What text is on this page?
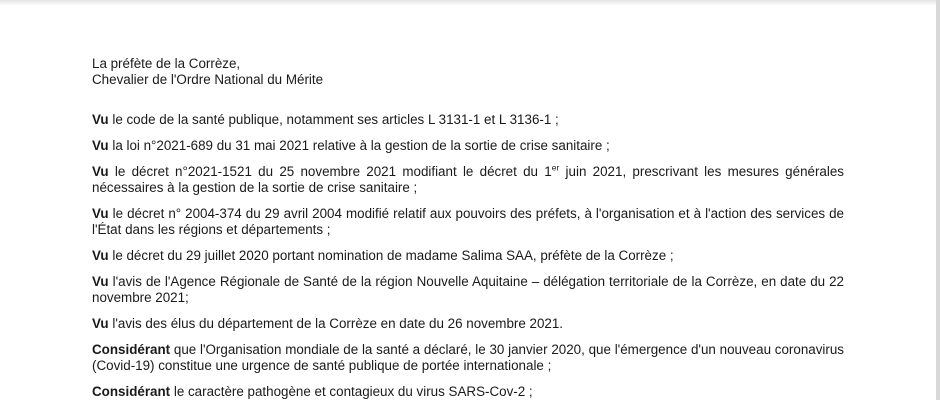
La préfète de la Corrèze,
Chevalier de l'Ordre National du Mérite

Vu le code de la santé publique, notamment ses articles L 3131-1 et L 3136-1 ;

Vu la loi n°2021-689 du 31 mai 2021 relative à la gestion de la sortie de crise sanitaire ;

Vu le décret n°2021-1521 du 25 novembre 2021 modifiant le décret du 1er juin 2021, prescrivant les mesures générales nécessaires à la gestion de la sortie de crise sanitaire ;

Vu le décret n° 2004-374 du 29 avril 2004 modifié relatif aux pouvoirs des préfets, à l'organisation et à l'action des services de l'État dans les régions et départements ;

Vu le décret du 29 juillet 2020 portant nomination de madame Salima SAA, préfète de la Corrèze ;

Vu l'avis de l'Agence Régionale de Santé de la région Nouvelle Aquitaine – délégation territoriale de la Corrèze, en date du 22 novembre 2021;

Vu l'avis des élus du département de la Corrèze en date du 26 novembre 2021.

Considérant que l'Organisation mondiale de la santé a déclaré, le 30 janvier 2020, que l'émergence d'un nouveau coronavirus (Covid-19) constitue une urgence de santé publique de portée internationale ;

Considérant le caractère pathogène et contagieux du virus SARS-Cov-2 ;
